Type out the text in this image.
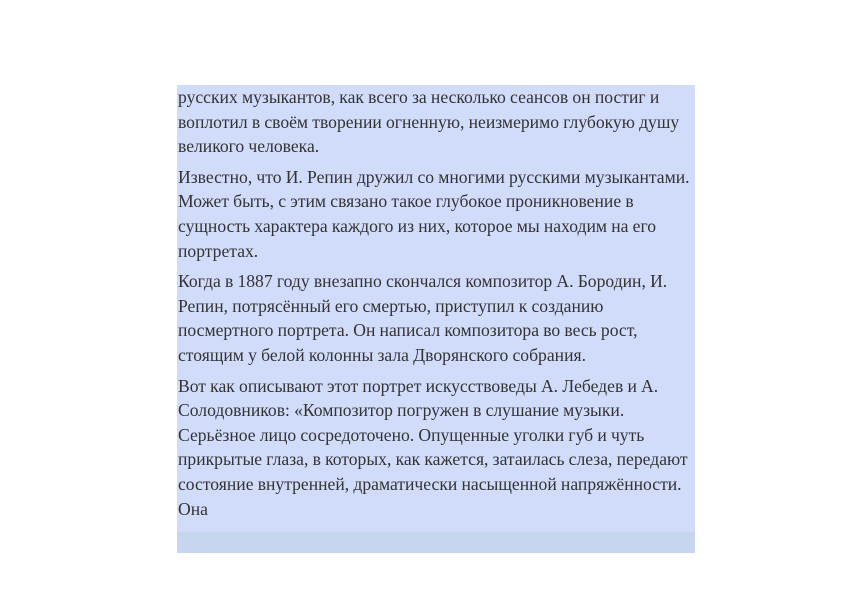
русских музыкантов, как всего за несколько сеансов он постиг и воплотил в своём творении огненную, неизмеримо глубокую душу великого человека.

Известно, что И. Репин дружил со многими русскими музыкантами. Может быть, с этим связано такое глубокое проникновение в сущность характера каждого из них, которое мы находим на его портретах.

Когда в 1887 году внезапно скончался композитор А. Бородин, И. Репин, потрясённый его смертью, приступил к созданию посмертного портрета. Он написал композитора во весь рост, стоящим у белой колонны зала Дворянского собрания.

Вот как описывают этот портрет искусствоведы А. Лебедев и А. Солодовников: «Композитор погружен в слушание музыки. Серьёзное лицо сосредоточено. Опущенные уголки губ и чуть прикрытые глаза, в которых, как кажется, затаилась слеза, передают состояние внутренней, драматически насыщенной напряжённости. Она
